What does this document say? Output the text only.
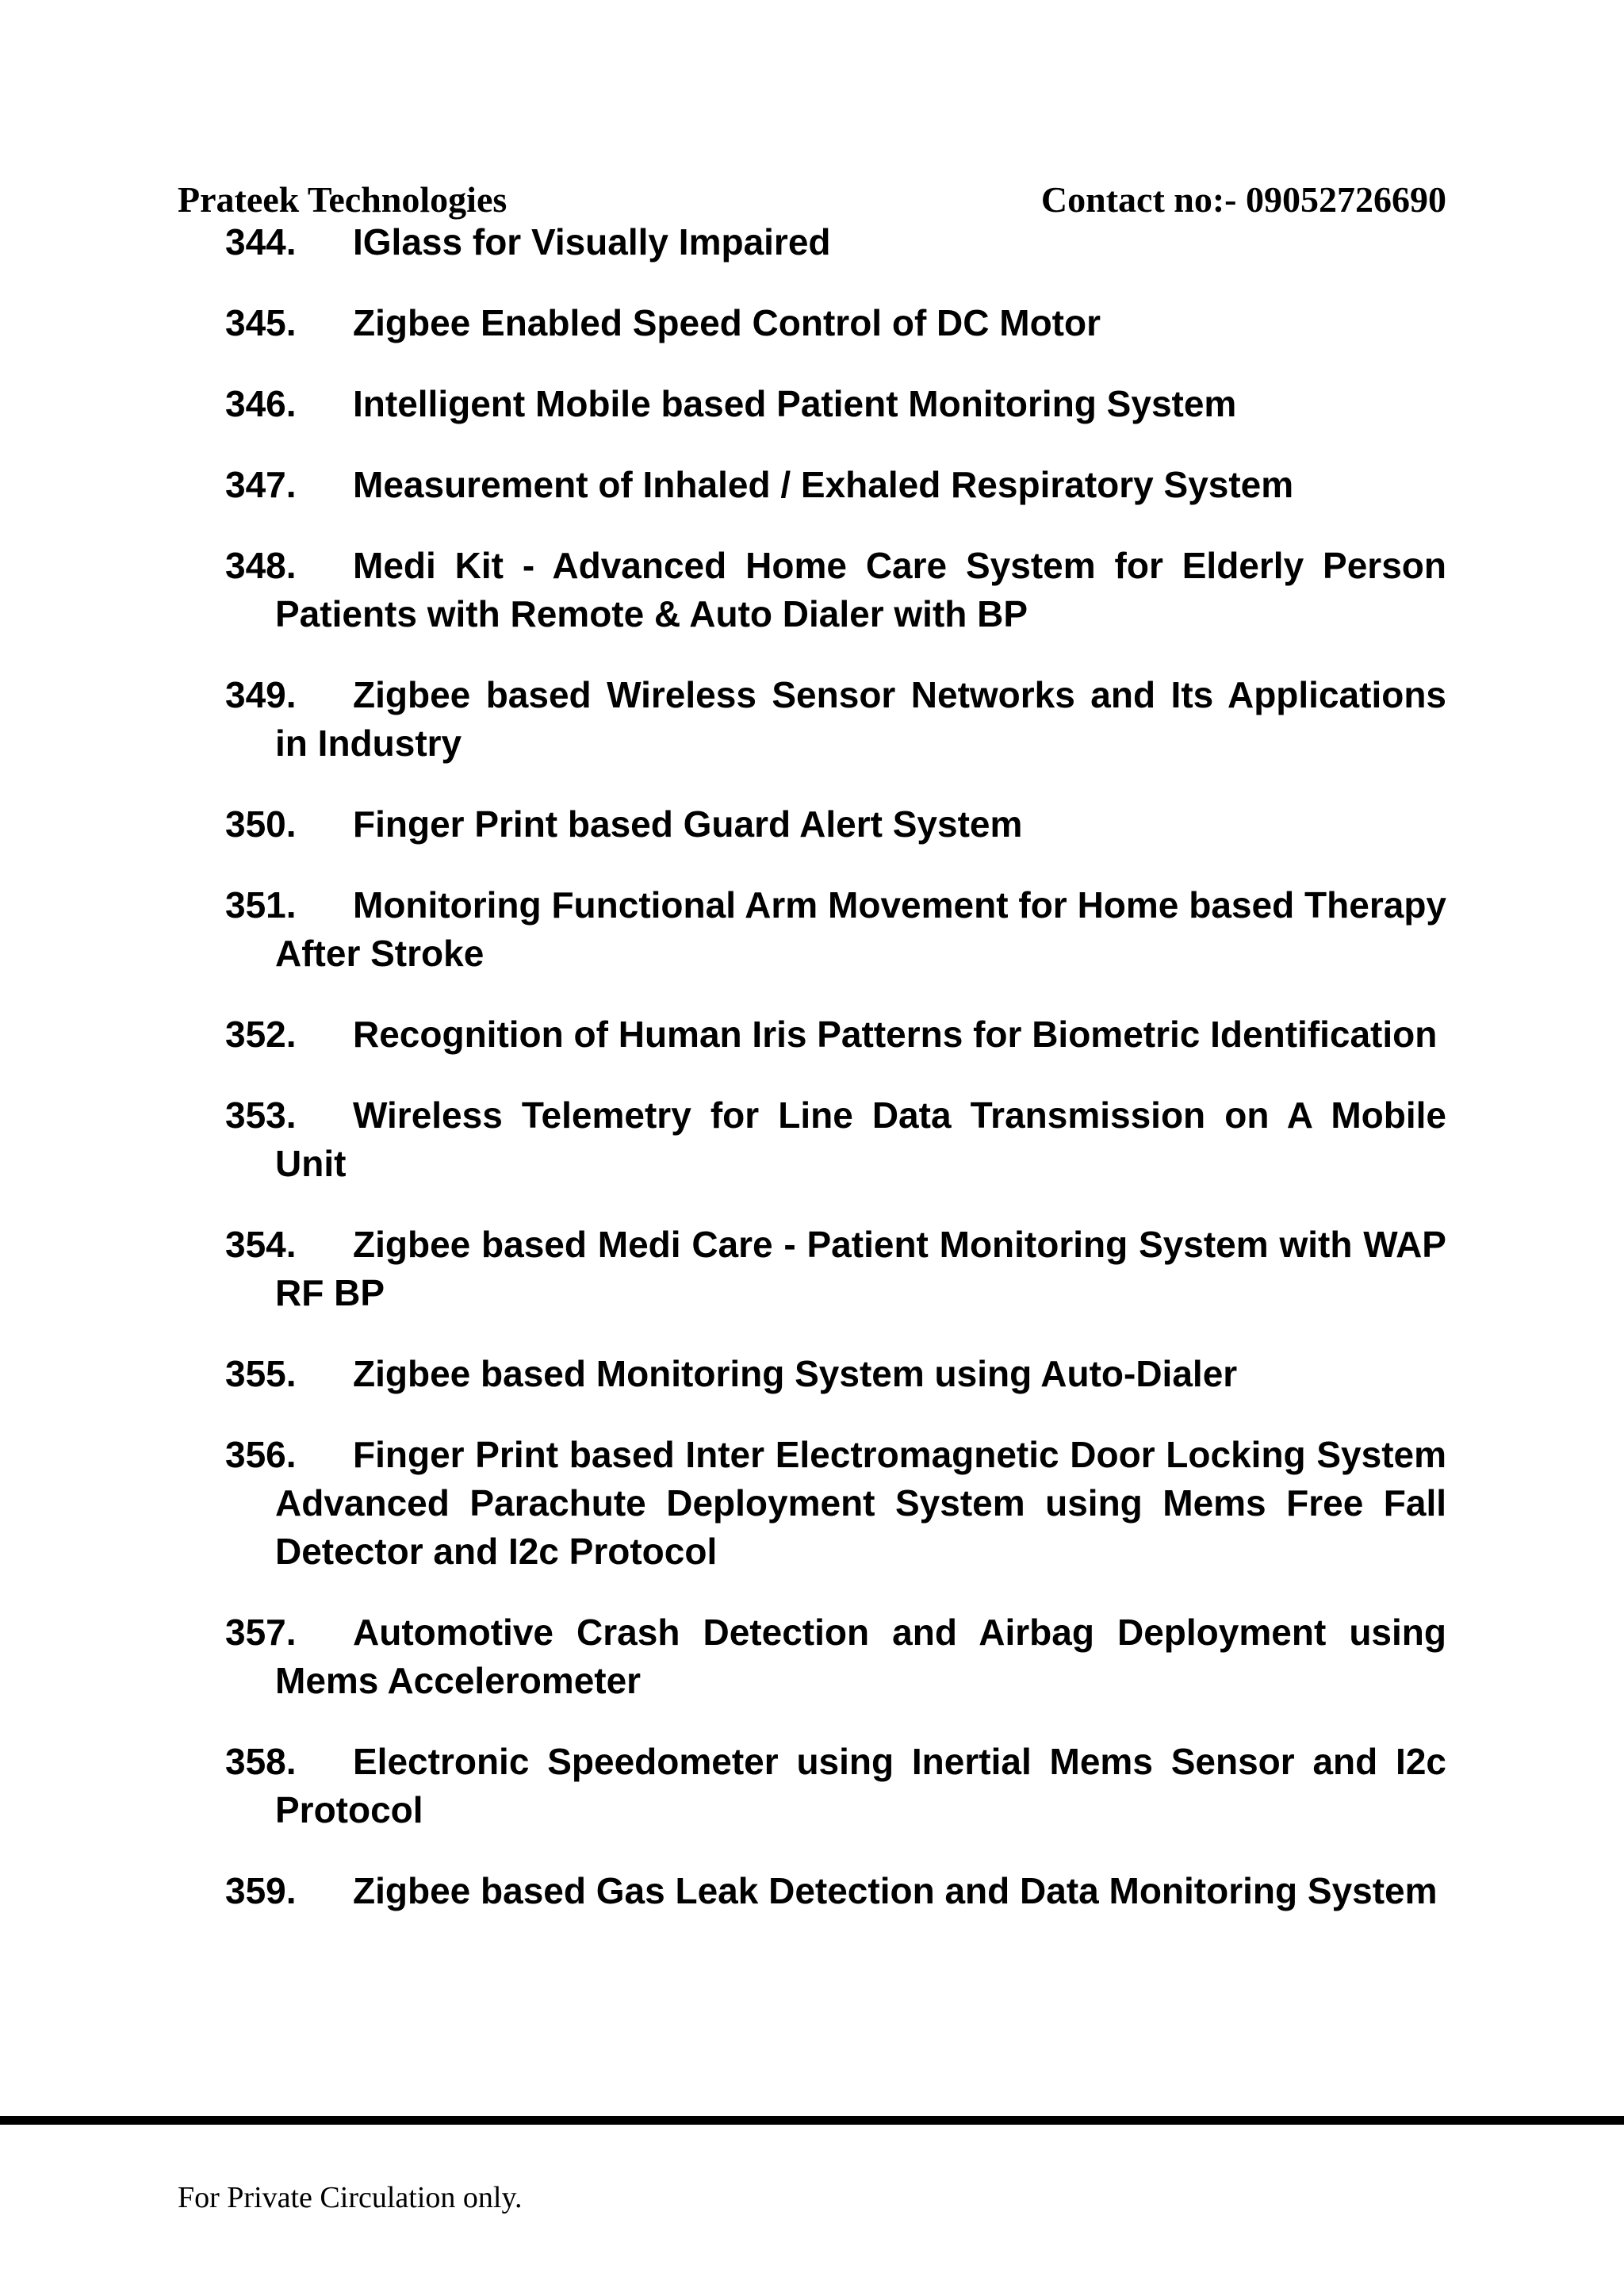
Prateek Technologies	Contact no:- 09052726690
344. IGlass for Visually Impaired
345. Zigbee Enabled Speed Control of DC Motor
346. Intelligent Mobile based Patient Monitoring System
347. Measurement of Inhaled / Exhaled Respiratory System
348. Medi Kit - Advanced Home Care System for Elderly Person Patients with Remote & Auto Dialer with BP
349. Zigbee based Wireless Sensor Networks and Its Applications in Industry
350. Finger Print based Guard Alert System
351. Monitoring Functional Arm Movement for Home based Therapy After Stroke
352. Recognition of Human Iris Patterns for Biometric Identification
353. Wireless Telemetry for Line Data Transmission on A Mobile Unit
354. Zigbee based Medi Care - Patient Monitoring System with WAP RF BP
355. Zigbee based Monitoring System using Auto-Dialer
356. Finger Print based Inter Electromagnetic Door Locking System Advanced Parachute Deployment System using Mems Free Fall Detector and I2c Protocol
357. Automotive Crash Detection and Airbag Deployment using Mems Accelerometer
358. Electronic Speedometer using Inertial Mems Sensor and I2c Protocol
359. Zigbee based Gas Leak Detection and Data Monitoring System
For Private Circulation only.
